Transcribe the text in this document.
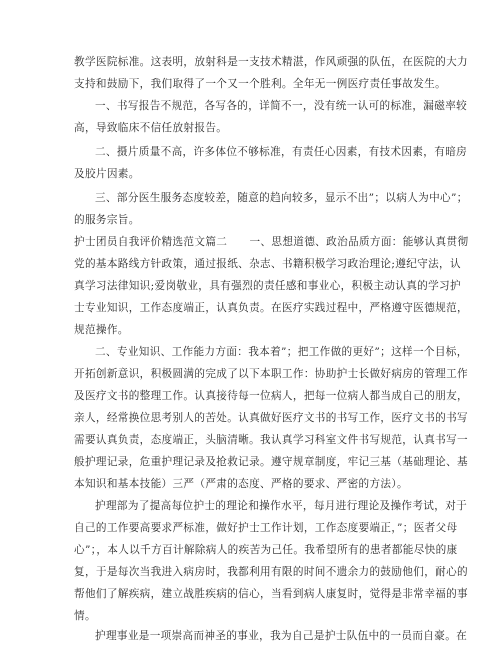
教学医院标准。这表明，放射科是一支技术精湛，作风顽强的队伍，在医院的大力
支持和鼓励下，我们取得了一个又一个胜利。全年无一例医疗责任事故发生。
一、书写报告不规范，各写各的，详简不一，没有统一认可的标准，漏磁率较
高，导致临床不信任放射报告。
二、摄片质量不高，许多体位不够标准，有责任心因素，有技术因素，有暗房
及胶片因素。
三、部分医生服务态度较差，随意的趋向较多，显示不出”；以病人为中心”；
的服务宗旨。
护士团员自我评价精选范文篇二      一、思想道德、政治品质方面：能够认真贯彻
党的基本路线方针政策，通过报纸、杂志、书籍积极学习政治理论;遵纪守法，认
真学习法律知识;爱岗敬业，具有强烈的责任感和事业心，积极主动认真的学习护
士专业知识，工作态度端正，认真负责。在医疗实践过程中，严格遵守医德规范，
规范操作。
二、专业知识、工作能力方面：我本着”；把工作做的更好”；这样一个目标，
开拓创新意识，积极圆满的完成了以下本职工作：协助护士长做好病房的管理工作
及医疗文书的整理工作。认真接待每一位病人，把每一位病人都当成自己的朋友，
亲人，经常换位思考别人的苦处。认真做好医疗文书的书写工作，医疗文书的书写
需要认真负责，态度端正，头脑清晰。我认真学习科室文件书写规范，认真书写一
般护理记录，危重护理记录及抢救记录。遵守规章制度，牢记三基（基础理论、基
本知识和基本技能）三严（严肃的态度、严格的要求、严密的方法）。
护理部为了提高每位护士的理论和操作水平，每月进行理论及操作考试，对于
自己的工作要高要求严标准，做好护士工作计划，工作态度要端正，”；医者父母
心”；，本人以千方百计解除病人的疾苦为己任。我希望所有的患者都能尽快的康
复，于是每次当我进入病房时，我都利用有限的时间不遗余力的鼓励他们，耐心的
帮他们了解疾病，建立战胜疾病的信心，当看到病人康复时，觉得是非常幸福的事
情。
护理事业是一项崇高而神圣的事业，我为自己是护士队伍中的一员而自豪。在
